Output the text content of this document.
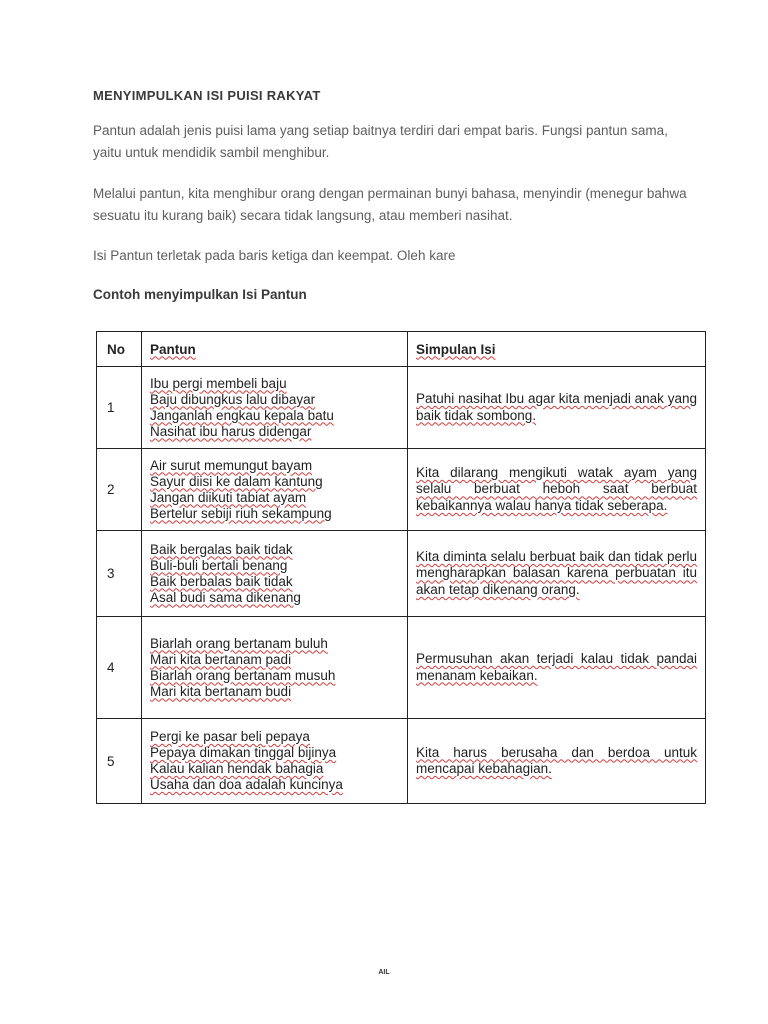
MENYIMPULKAN ISI PUISI RAKYAT

Pantun adalah jenis puisi lama yang setiap baitnya terdiri dari empat baris. Fungsi pantun sama, yaitu untuk mendidik sambil menghibur.

Melalui pantun, kita menghibur orang dengan permainan bunyi bahasa, menyindir (menegur bahwa sesuatu itu kurang baik) secara tidak langsung, atau memberi nasihat.

Isi Pantun terletak pada baris ketiga dan keempat. Oleh kare

Contoh menyimpulkan Isi Pantun
No	Pantun	Simpulan Isi
1	Ibu pergi membeli baju
Baju dibungkus lalu dibayar
Janganlah engkau kepala batu
Nasihat ibu harus didengar	Patuhi nasihat Ibu agar kita menjadi anak yang baik tidak sombong.
2	Air surut memungut bayam
Sayur diisi ke dalam kantung
Jangan diikuti tabiat ayam
Bertelur sebiji riuh sekampung	Kita dilarang mengikuti watak ayam yang selalu berbuat heboh saat berbuat kebaikannya walau hanya tidak seberapa.
3	Baik bergalas baik tidak
Buli-buli bertali benang
Baik berbalas baik tidak
Asal budi sama dikenang	Kita diminta selalu berbuat baik dan tidak perlu mengharapkan balasan karena perbuatan itu akan tetap dikenang orang.
4	Biarlah orang bertanam buluh
Mari kita bertanam padi
Biarlah orang bertanam musuh
Mari kita bertanam budi	Permusuhan akan terjadi kalau tidak pandai menanam kebaikan.
5	Pergi ke pasar beli pepaya
Pepaya dimakan tinggal bijinya
Kalau kalian hendak bahagia
Usaha dan doa adalah kuncinya	Kita harus berusaha dan berdoa untuk mencapai kebahagian.
AIL
